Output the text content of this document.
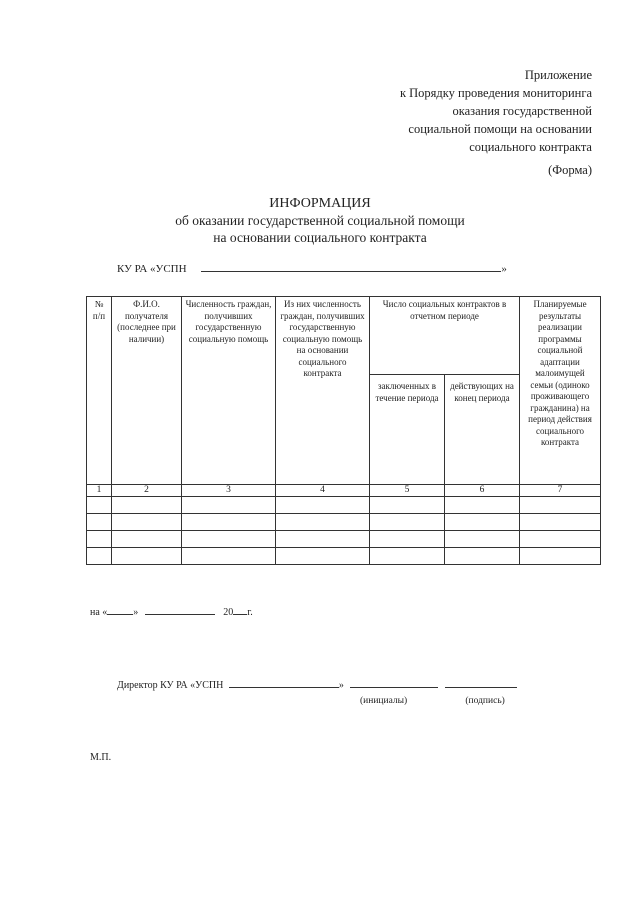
Приложение
к Порядку проведения мониторинга
оказания государственной
социальной помощи на основании
социального контракта
(Форма)
ИНФОРМАЦИЯ
об оказании государственной социальной помощи
на основании социального контракта
КУ РА «УСПН	»
№ п/п	Ф.И.О. получателя (последнее при наличии)	Численность граждан, получивших государственную социальную помощь	Из них численность граждан, получивших государственную социальную помощь на основании социального контракта	Число социальных контрактов в отчетном периоде		Планируемые результаты реализации программы социальной адаптации малоимущей семьи (одиноко проживающего гражданина) на период действия социального контракта
				заключенных в течение периода	действующих на конец периода	
1	2	3	4	5	6	7

на «	»	20 г.
Директор КУ РА «УСПН	»
(инициалы)	(подпись)
М.П.
